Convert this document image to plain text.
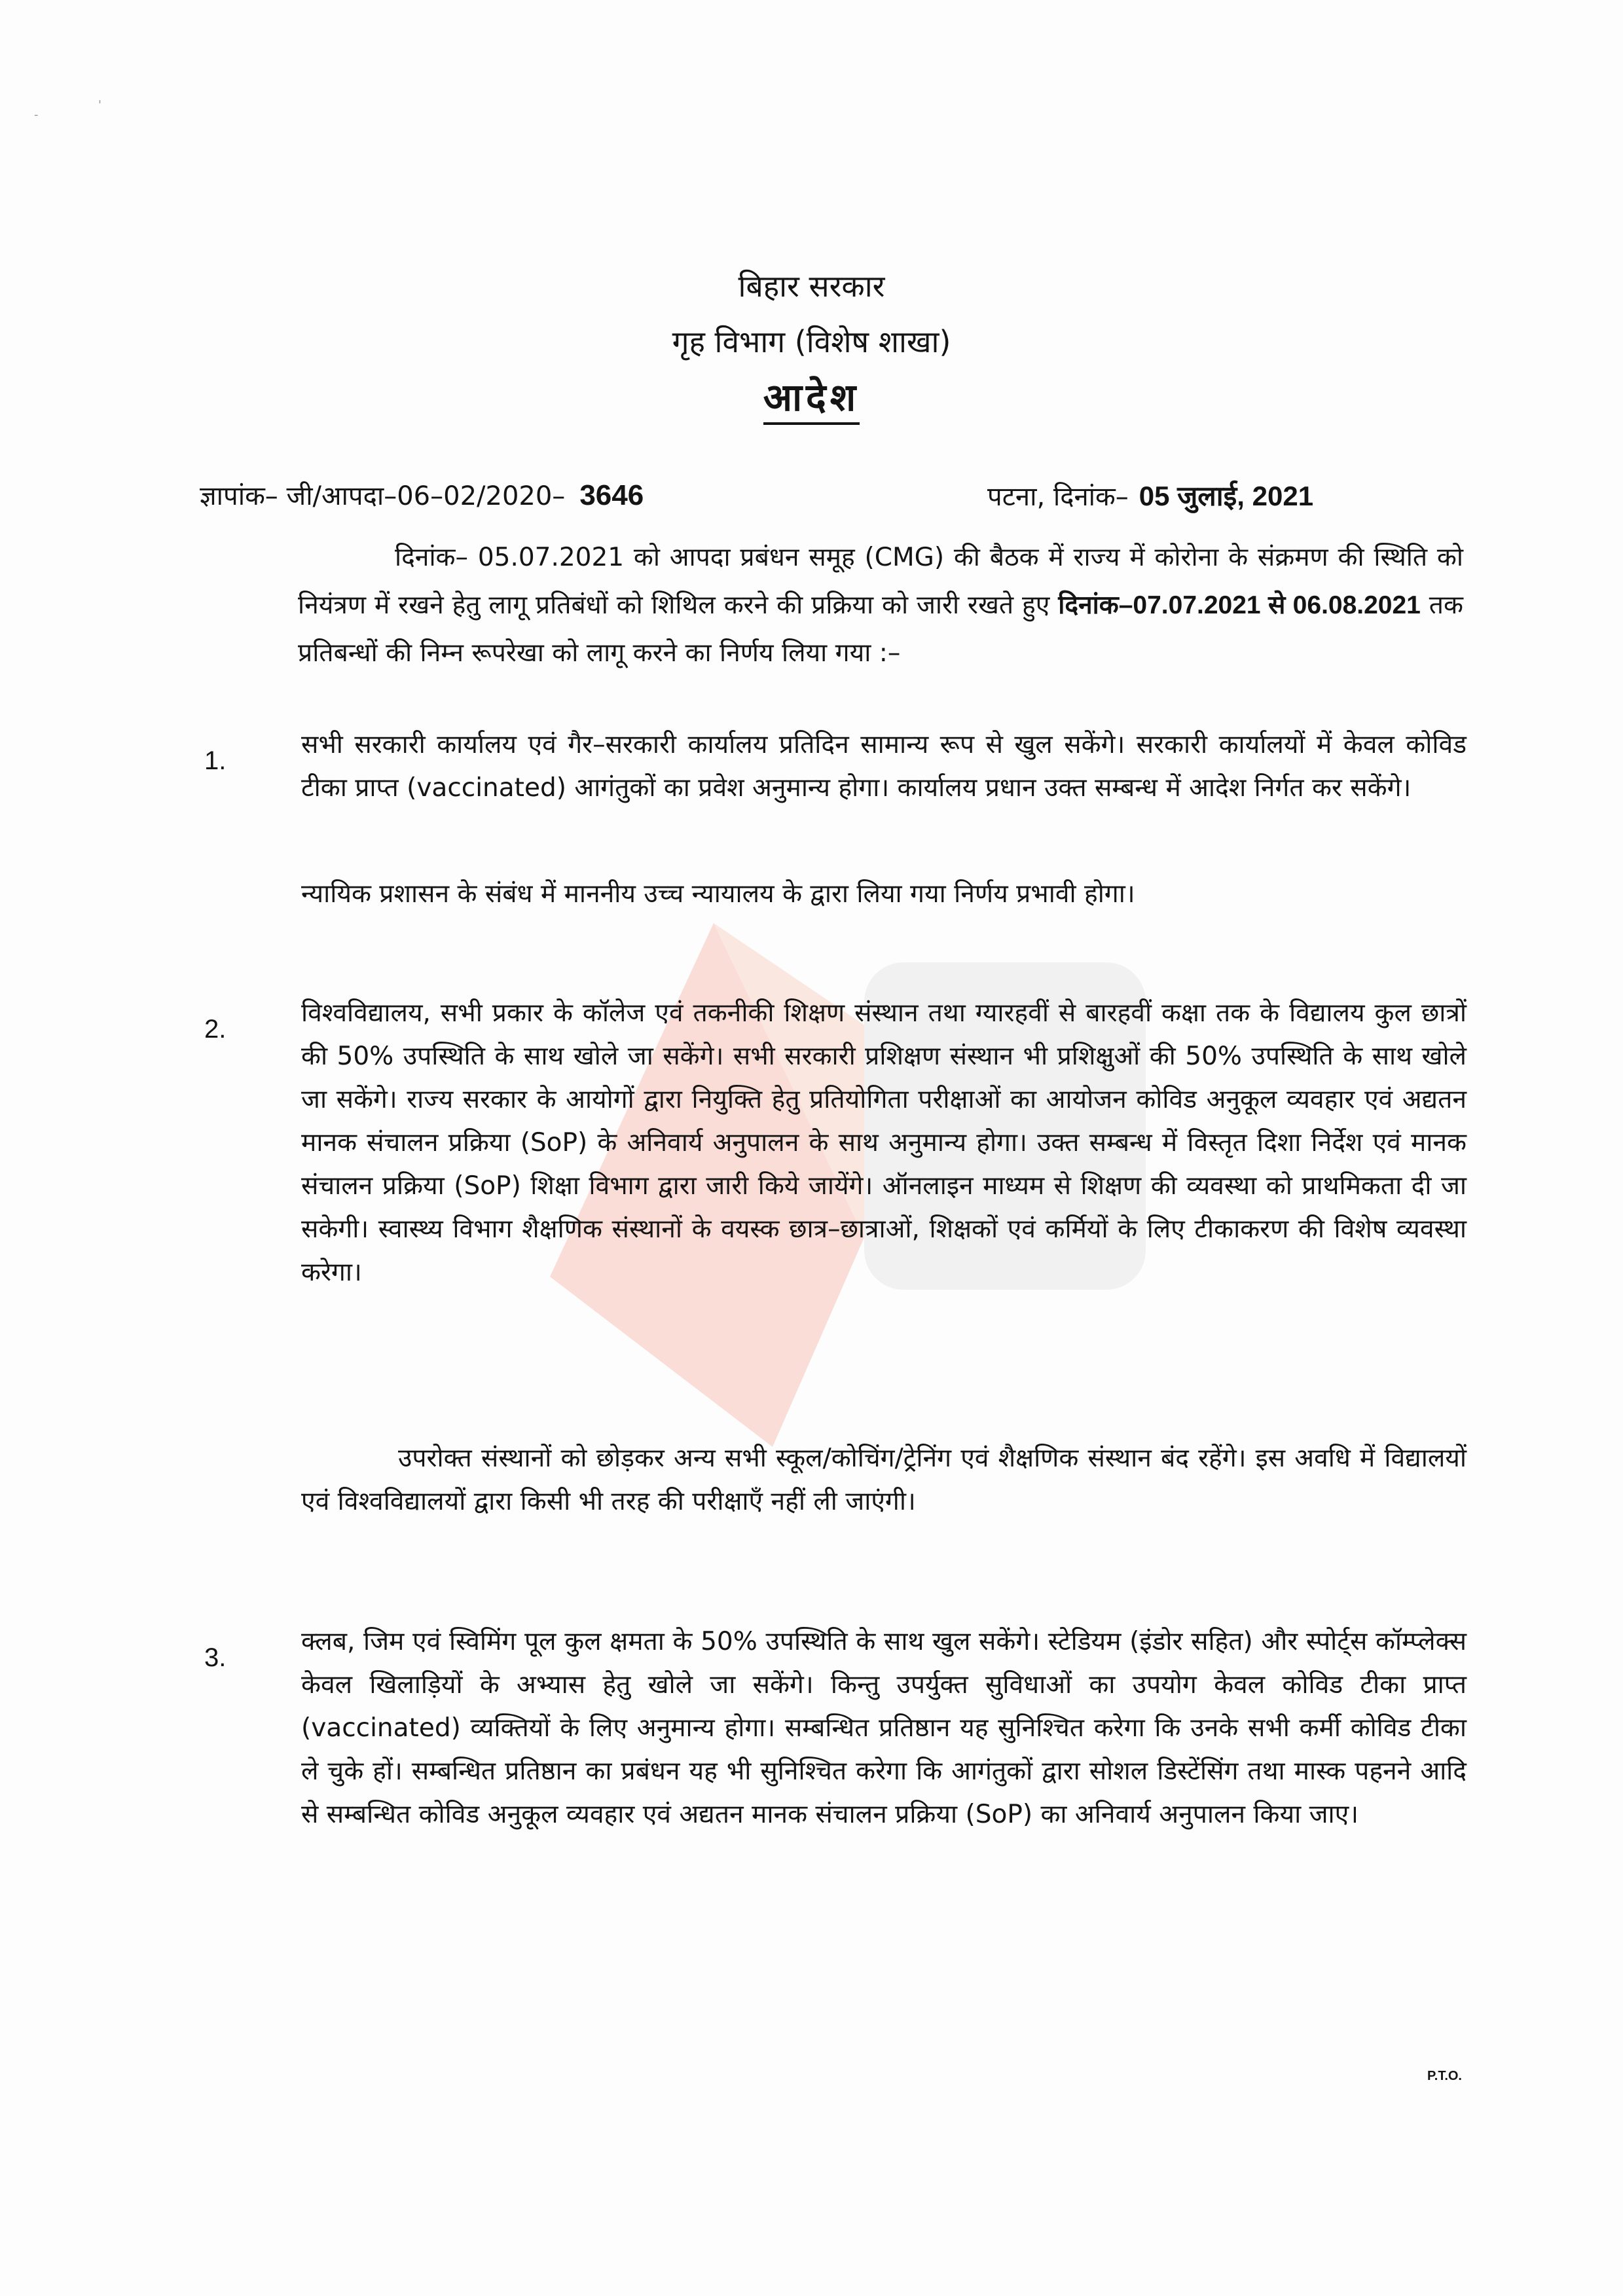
-
'
बिहार सरकार
गृह विभाग (विशेष शाखा)
आदेश
ज्ञापांक– जी/आपदा–06–02/2020– 3646	पटना, दिनांक– 05 जुलाई, 2021
दिनांक– 05.07.2021 को आपदा प्रबंधन समूह (CMG) की बैठक में राज्य में कोरोना के संक्रमण की स्थिति को नियंत्रण में रखने हेतु लागू प्रतिबंधों को शिथिल करने की प्रक्रिया को जारी रखते हुए दिनांक–07.07.2021 से 06.08.2021 तक प्रतिबन्धों की निम्न रूपरेखा को लागू करने का निर्णय लिया गया :–
1.
सभी सरकारी कार्यालय एवं गैर–सरकारी कार्यालय प्रतिदिन सामान्य रूप से खुल सकेंगे। सरकारी कार्यालयों में केवल कोविड टीका प्राप्त (vaccinated) आगंतुकों का प्रवेश अनुमान्य होगा। कार्यालय प्रधान उक्त सम्बन्ध में आदेश निर्गत कर सकेंगे।
न्यायिक प्रशासन के संबंध में माननीय उच्च न्यायालय के द्वारा लिया गया निर्णय प्रभावी होगा।
2.
विश्वविद्यालय, सभी प्रकार के कॉलेज एवं तकनीकी शिक्षण संस्थान तथा ग्यारहवीं से बारहवीं कक्षा तक के विद्यालय कुल छात्रों की 50% उपस्थिति के साथ खोले जा सकेंगे। सभी सरकारी प्रशिक्षण संस्थान भी प्रशिक्षुओं की 50% उपस्थिति के साथ खोले जा सकेंगे। राज्य सरकार के आयोगों द्वारा नियुक्ति हेतु प्रतियोगिता परीक्षाओं का आयोजन कोविड अनुकूल व्यवहार एवं अद्यतन मानक संचालन प्रक्रिया (SoP) के अनिवार्य अनुपालन के साथ अनुमान्य होगा। उक्त सम्बन्ध में विस्तृत दिशा निर्देश एवं मानक संचालन प्रक्रिया (SoP) शिक्षा विभाग द्वारा जारी किये जायेंगे। ऑनलाइन माध्यम से शिक्षण की व्यवस्था को प्राथमिकता दी जा सकेगी। स्वास्थ्य विभाग शैक्षणिक संस्थानों के वयस्क छात्र–छात्राओं, शिक्षकों एवं कर्मियों के लिए टीकाकरण की विशेष व्यवस्था करेगा।
उपरोक्त संस्थानों को छोड़कर अन्य सभी स्कूल/कोचिंग/ट्रेनिंग एवं शैक्षणिक संस्थान बंद रहेंगे। इस अवधि में विद्यालयों एवं विश्वविद्यालयों द्वारा किसी भी तरह की परीक्षाएँ नहीं ली जाएंगी।
3.
क्लब, जिम एवं स्विमिंग पूल कुल क्षमता के 50% उपस्थिति के साथ खुल सकेंगे। स्टेडियम (इंडोर सहित) और स्पोर्ट्स कॉम्प्लेक्स केवल खिलाड़ियों के अभ्यास हेतु खोले जा सकेंगे। किन्तु उपर्युक्त सुविधाओं का उपयोग केवल कोविड टीका प्राप्त (vaccinated) व्यक्तियों के लिए अनुमान्य होगा। सम्बन्धित प्रतिष्ठान यह सुनिश्चित करेगा कि उनके सभी कर्मी कोविड टीका ले चुके हों। सम्बन्धित प्रतिष्ठान का प्रबंधन यह भी सुनिश्चित करेगा कि आगंतुकों द्वारा सोशल डिस्टेंसिंग तथा मास्क पहनने आदि से सम्बन्धित कोविड अनुकूल व्यवहार एवं अद्यतन मानक संचालन प्रक्रिया (SoP) का अनिवार्य अनुपालन किया जाए।
P.T.O.
